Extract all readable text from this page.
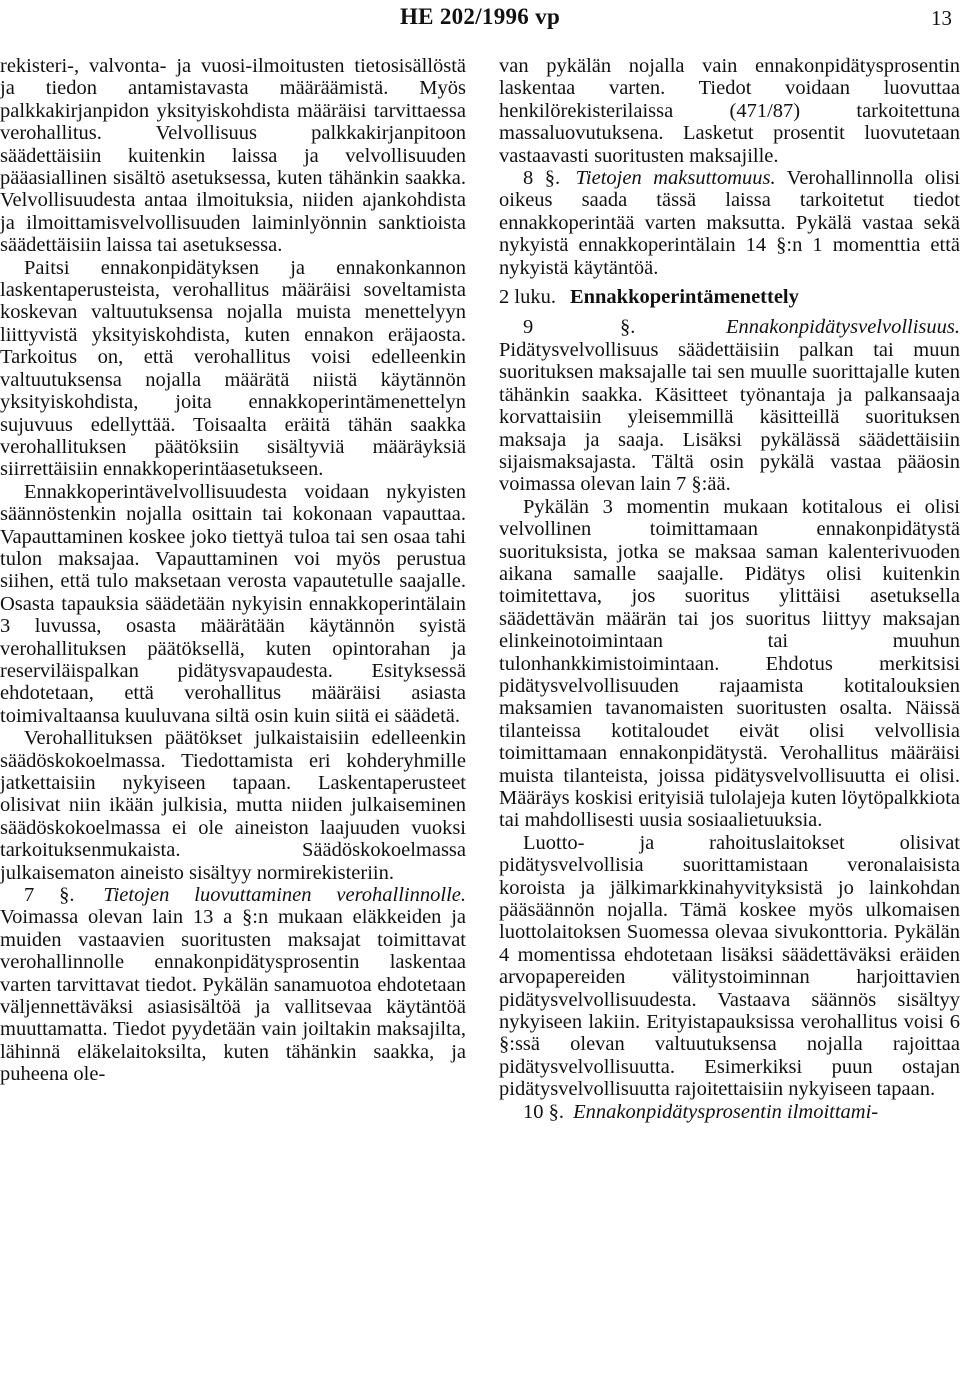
HE 202/1996 vp	13

rekisteri-, valvonta- ja vuosi-ilmoitusten tietosisällöstä ja tiedon antamistavasta määräämistä. Myös palkkakirjanpidon yksityiskohdista määräisi tarvittaessa verohallitus. Velvollisuus palkkakirjanpitoon säädettäisiin kuitenkin laissa ja velvollisuuden pääasiallinen sisältö asetuksessa, kuten tähänkin saakka. Velvollisuudesta antaa ilmoituksia, niiden ajankohdista ja ilmoittamisvelvollisuuden laiminlyönnin sanktioista säädettäisiin laissa tai asetuksessa.

Paitsi ennakonpidätyksen ja ennakonkannon laskentaperusteista, verohallitus määräisi soveltamista koskevan valtuutuksensa nojalla muista menettelyyn liittyvistä yksityiskohdista, kuten ennakon eräjaosta. Tarkoitus on, että verohallitus voisi edelleenkin valtuutuksensa nojalla määrätä niistä käytännön yksityiskohdista, joita ennakkoperintämenettelyn sujuvuus edellyttää. Toisaalta eräitä tähän saakka verohallituksen päätöksiin sisältyviä määräyksiä siirrettäisiin ennakkoperintäasetukseen.

Ennakkoperintävelvollisuudesta voidaan nykyisten säännöstenkin nojalla osittain tai kokonaan vapauttaa. Vapauttaminen koskee joko tiettyä tuloa tai sen osaa tahi tulon maksajaa. Vapauttaminen voi myös perustua siihen, että tulo maksetaan verosta vapautetulle saajalle. Osasta tapauksia säädetään nykyisin ennakkoperintälain 3 luvussa, osasta määrätään käytännön syistä verohallituksen päätöksellä, kuten opintorahan ja reserviläispalkan pidätysvapaudesta. Esityksessä ehdotetaan, että verohallitus määräisi asiasta toimivaltaansa kuuluvana siltä osin kuin siitä ei säädetä.

Verohallituksen päätökset julkaistaisiin edelleenkin säädöskokoelmassa. Tiedottamista eri kohderyhmille jatkettaisiin nykyiseen tapaan. Laskentaperusteet olisivat niin ikään julkisia, mutta niiden julkaiseminen säädöskokoelmassa ei ole aineiston laajuuden vuoksi tarkoituksenmukaista. Säädöskokoelmassa julkaisematon aineisto sisältyy normirekisteriin.

7 §. Tietojen luovuttaminen verohallinnolle. Voimassa olevan lain 13 a §:n mukaan eläkkeiden ja muiden vastaavien suoritusten maksajat toimittavat verohallinnolle ennakonpidätysprosentin laskentaa varten tarvittavat tiedot. Pykälän sanamuotoa ehdotetaan väljennettäväksi asiasisältöä ja vallitsevaa käytäntöä muuttamatta. Tiedot pyydetään vain joiltakin maksajilta, lähinnä eläkelaitoksilta, kuten tähänkin saakka, ja puheena ole-

van pykälän nojalla vain ennakonpidätysprosentin laskentaa varten. Tiedot voidaan luovuttaa henkilörekisterilaissa (471/87) tarkoitettuna massaluovutuksena. Lasketut prosentit luovutetaan vastaavasti suoritusten maksajille.

8 §. Tietojen maksuttomuus. Verohallinnolla olisi oikeus saada tässä laissa tarkoitetut tiedot ennakkoperintää varten maksutta. Pykälä vastaa sekä nykyistä ennakkoperintälain 14 §:n 1 momenttia että nykyistä käytäntöä.

2 luku. Ennakkoperintämenettely

9 §.	Ennakonpidätysvelvollisuus. Pidätysvelvollisuus säädettäisiin palkan tai muun suorituksen maksajalle tai sen muulle suorittajalle kuten tähänkin saakka. Käsitteet työnantaja ja palkansaaja korvattaisiin yleisemmillä käsitteillä suorituksen maksaja ja saaja. Lisäksi pykälässä säädettäisiin sijaismaksajasta. Tältä osin pykälä vastaa pääosin voimassa olevan lain 7 §:ää.

Pykälän 3 momentin mukaan kotitalous ei olisi velvollinen toimittamaan ennakonpidätystä suorituksista, jotka se maksaa saman kalenterivuoden aikana samalle saajalle. Pidätys olisi kuitenkin toimitettava, jos suoritus ylittäisi asetuksella säädettävän määrän tai jos suoritus liittyy maksajan elinkeinotoimintaan tai muuhun tulonhankkimistoimintaan. Ehdotus merkitsisi pidätysvelvollisuuden rajaamista kotitalouksien maksamien tavanomaisten suoritusten osalta. Näissä tilanteissa kotitaloudet eivät olisi velvollisia toimittamaan ennakonpidätystä. Verohallitus määräisi muista tilanteista, joissa pidätysvelvollisuutta ei olisi. Määräys koskisi erityisiä tulolajeja kuten löytöpalkkiota tai mahdollisesti uusia sosiaalietuuksia.

Luotto- ja rahoituslaitokset olisivat pidätysvelvollisia suorittamistaan veronalaisista koroista ja jälkimarkkinahyvityksistä jo lainkohdan pääsäännön nojalla. Tämä koskee myös ulkomaisen luottolaitoksen Suomessa olevaa sivukonttoria. Pykälän 4 momentissa ehdotetaan lisäksi säädettäväksi eräiden arvopapereiden välitystoiminnan harjoittavien pidätysvelvollisuudesta. Vastaava säännös sisältyy nykyiseen lakiin. Erityistapauksissa verohallitus voisi 6 §:ssä olevan valtuutuksensa nojalla rajoittaa pidätysvelvollisuutta. Esimerkiksi puun ostajan pidätysvelvollisuutta rajoitettaisiin nykyiseen tapaan.

10 §. Ennakonpidätysprosentin ilmoittami-
